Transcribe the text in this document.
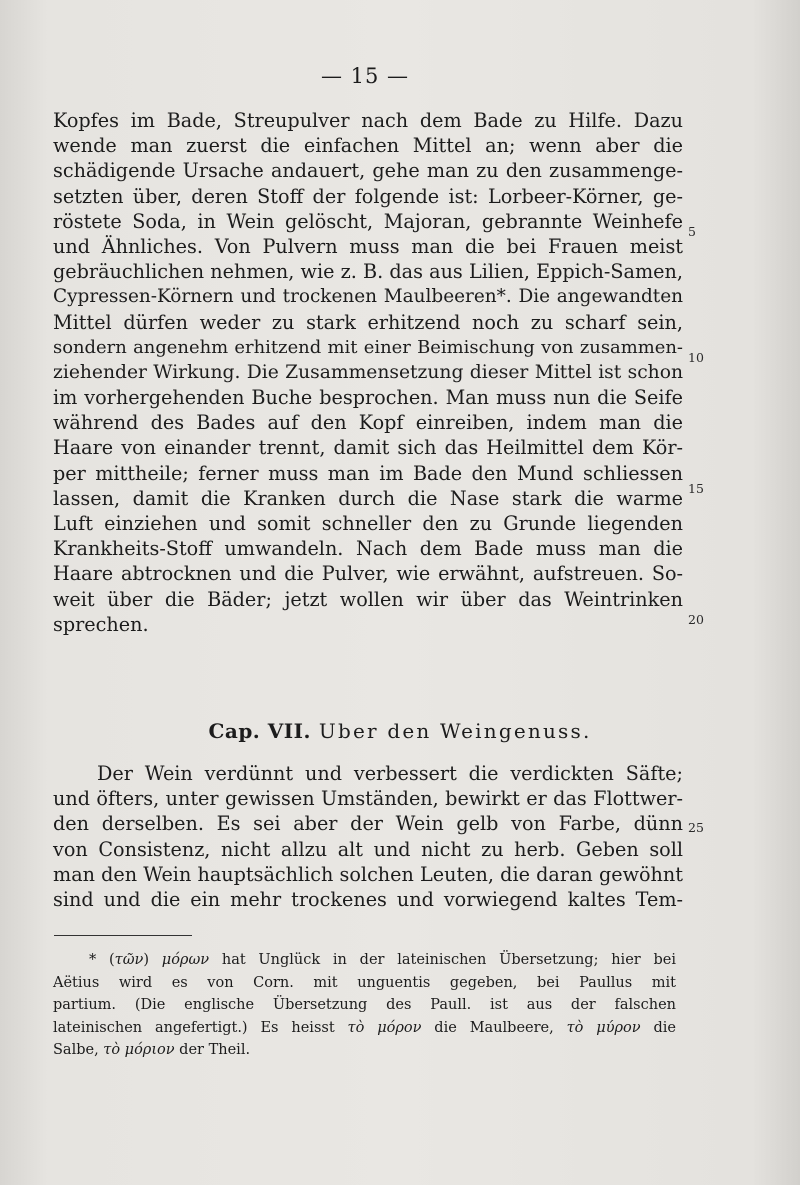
— 15 —
Kopfes im Bade, Streupulver nach dem Bade zu Hilfe. Dazu
wende man zuerst die einfachen Mittel an; wenn aber die
schädigende Ursache andauert, gehe man zu den zusammenge-
setzten über, deren Stoff der folgende ist: Lorbeer-Körner, ge-
röstete Soda, in Wein gelöscht, Majoran, gebrannte Weinhefe
und Ähnliches. Von Pulvern muss man die bei Frauen meist
gebräuchlichen nehmen, wie z. B. das aus Lilien, Eppich-Samen,
Cypressen-Körnern und trockenen Maulbeeren*. Die angewandten
Mittel dürfen weder zu stark erhitzend noch zu scharf sein,
sondern angenehm erhitzend mit einer Beimischung von zusammen-
ziehender Wirkung. Die Zusammensetzung dieser Mittel ist schon
im vorhergehenden Buche besprochen. Man muss nun die Seife
während des Bades auf den Kopf einreiben, indem man die
Haare von einander trennt, damit sich das Heilmittel dem Kör-
per mittheile; ferner muss man im Bade den Mund schliessen
lassen, damit die Kranken durch die Nase stark die warme
Luft einziehen und somit schneller den zu Grunde liegenden
Krankheits-Stoff umwandeln. Nach dem Bade muss man die
Haare abtrocknen und die Pulver, wie erwähnt, aufstreuen. So-
weit über die Bäder; jetzt wollen wir über das Weintrinken
sprechen.
5
10
15
20
25
Cap. VII. Uber den Weingenuss.
Der Wein verdünnt und verbessert die verdickten Säfte;
und öfters, unter gewissen Umständen, bewirkt er das Flottwer-
den derselben. Es sei aber der Wein gelb von Farbe, dünn
von Consistenz, nicht allzu alt und nicht zu herb. Geben soll
man den Wein hauptsächlich solchen Leuten, die daran gewöhnt
sind und die ein mehr trockenes und vorwiegend kaltes Tem-
* (τῶν) μόρων hat Unglück in der lateinischen Übersetzung; hier bei
Aëtius wird es von Corn. mit unguentis gegeben, bei Paullus mit
partium. (Die englische Übersetzung des Paull. ist aus der falschen
lateinischen angefertigt.) Es heisst τὸ μόρον die Maulbeere, τὸ μύρον die
Salbe, τὸ μόριον der Theil.
